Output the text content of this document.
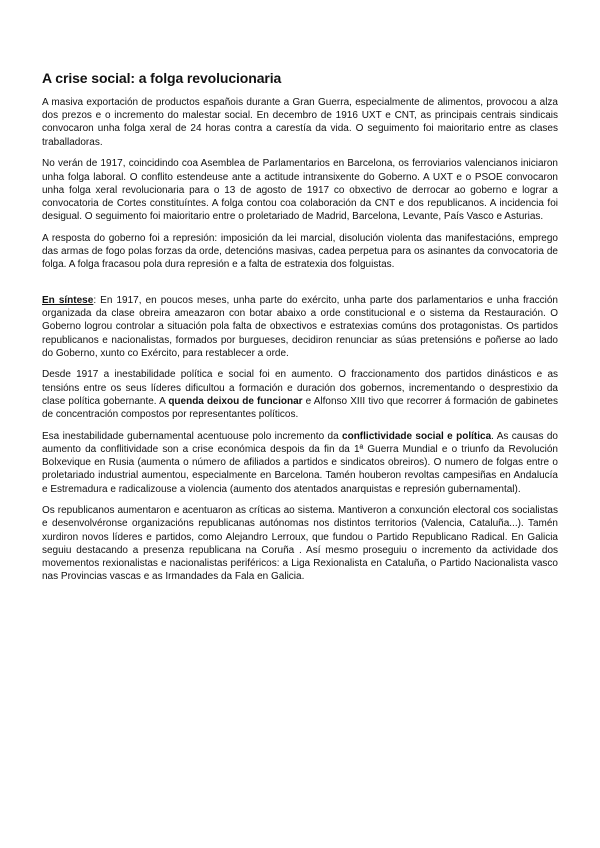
A crise social: a folga revolucionaria

A masiva exportación de productos españois durante a Gran Guerra, especialmente de alimentos, provocou a alza dos prezos e o incremento do malestar social. En decembro de 1916 UXT e CNT, as principais centrais sindicais convocaron unha folga xeral de 24 horas contra a carestía da vida. O seguimento foi maioritario entre as clases traballadoras.

No verán de 1917, coincidindo coa Asemblea de Parlamentarios en Barcelona, os ferroviarios valencianos iniciaron unha folga laboral. O conflito estendeuse ante a actitude intransixente do Goberno. A UXT e o PSOE convocaron unha folga xeral revolucionaria para o 13 de agosto de 1917 co obxectivo de derrocar ao goberno e lograr a convocatoria de Cortes constituíntes. A folga contou coa colaboración da CNT e dos republicanos. A incidencia foi desigual. O seguimento foi maioritario entre o proletariado de Madrid, Barcelona, Levante, País Vasco e Asturias.

A resposta do goberno foi a represión: imposición da lei marcial, disolución violenta das manifestacións, emprego das armas de fogo polas forzas da orde, detencións masivas, cadea perpetua para os asinantes da convocatoria de folga. A folga fracasou pola dura represión e a falta de estratexia dos folguistas.

En síntese: En 1917, en poucos meses, unha parte do exército, unha parte dos parlamentarios e unha fracción organizada da clase obreira ameazaron con botar abaixo a orde constitucional e o sistema da Restauración. O Goberno logrou controlar a situación pola falta de obxectivos e estratexias comúns dos protagonistas. Os partidos republicanos e nacionalistas, formados por burgueses, decidiron renunciar as súas pretensións e poñerse ao lado do Goberno, xunto co Exército, para restablecer a orde.

Desde 1917 a inestabilidade política e social foi en aumento. O fraccionamento dos partidos dinásticos e as tensións entre os seus líderes dificultou a formación e duración dos gobernos, incrementando o desprestixio da clase política gobernante. A quenda deixou de funcionar e Alfonso XIII tivo que recorrer á formación de gabinetes de concentración compostos por representantes políticos.

Esa inestabilidade gubernamental acentuouse polo incremento da conflictividade social e política. As causas do aumento da conflitividade son a crise económica despois da fin da 1ª Guerra Mundial e o triunfo da Revolución Bolxevique en Rusia (aumenta o número de afiliados a partidos e sindicatos obreiros). O numero de folgas entre o proletariado industrial aumentou, especialmente en Barcelona. Tamén houberon revoltas campesiñas en Andalucía e Estremadura e radicalizouse a violencia (aumento dos atentados anarquistas e represión gubernamental).

Os republicanos aumentaron e acentuaron as críticas ao sistema. Mantiveron a conxunción electoral cos socialistas e desenvolvéronse organizacións republicanas autónomas nos distintos territorios (Valencia, Cataluña...). Tamén xurdiron novos líderes e partidos, como Alejandro Lerroux, que fundou o Partido Republicano Radical. En Galicia seguiu destacando a presenza republicana na Coruña . Así mesmo proseguiu o incremento da actividade dos movementos rexionalistas e nacionalistas periféricos: a Liga Rexionalista en Cataluña, o Partido Nacionalista vasco nas Provincias vascas e as Irmandades da Fala en Galicia.
